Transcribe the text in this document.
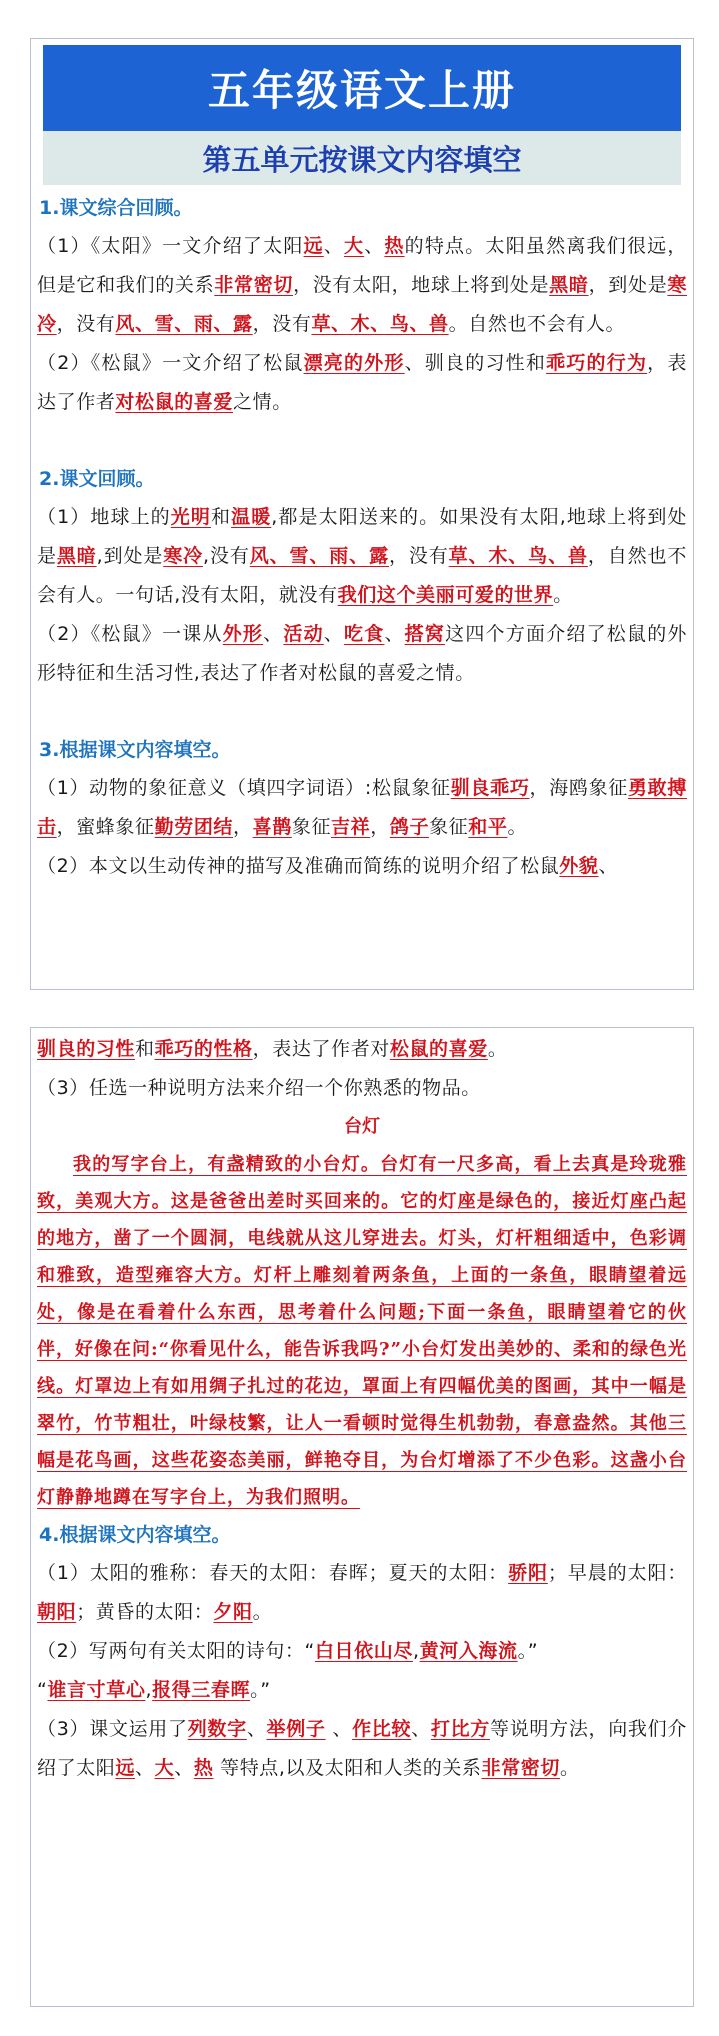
五年级语文上册
第五单元按课文内容填空
1.课文综合回顾。

（1）《太阳》一文介绍了太阳远、大、热的特点。太阳虽然离我们很远，但是它和我们的关系非常密切，没有太阳，地球上将到处是黑暗，到处是寒冷，没有风、雪、雨、露，没有草、木、鸟、兽。自然也不会有人。

（2）《松鼠》一文介绍了松鼠漂亮的外形、驯良的习性和乖巧的行为，表达了作者对松鼠的喜爱之情。

2.课文回顾。

（1）地球上的光明和温暖,都是太阳送来的。如果没有太阳,地球上将到处是黑暗,到处是寒冷,没有风、雪、雨、露，没有草、木、鸟、兽，自然也不会有人。一句话,没有太阳，就没有我们这个美丽可爱的世界。

（2）《松鼠》一课从外形、活动、吃食、搭窝这四个方面介绍了松鼠的外形特征和生活习性,表达了作者对松鼠的喜爱之情。

3.根据课文内容填空。

（1）动物的象征意义（填四字词语）:松鼠象征驯良乖巧，海鸥象征勇敢搏击，蜜蜂象征勤劳团结，喜鹊象征吉祥，鸽子象征和平。

（2）本文以生动传神的描写及准确而简练的说明介绍了松鼠外貌、

驯良的习性和乖巧的性格，表达了作者对松鼠的喜爱。

（3）任选一种说明方法来介绍一个你熟悉的物品。

台灯

我的写字台上，有盏精致的小台灯。台灯有一尺多高，看上去真是玲珑雅致，美观大方。这是爸爸出差时买回来的。它的灯座是绿色的，接近灯座凸起的地方，凿了一个圆洞，电线就从这儿穿进去。灯头，灯杆粗细适中，色彩调和雅致，造型雍容大方。灯杆上雕刻着两条鱼，上面的一条鱼，眼睛望着远处，像是在看着什么东西，思考着什么问题;下面一条鱼，眼睛望着它的伙伴，好像在问:“你看见什么，能告诉我吗?”小台灯发出美妙的、柔和的绿色光线。灯罩边上有如用绸子扎过的花边，罩面上有四幅优美的图画，其中一幅是翠竹，竹节粗壮，叶绿枝繁，让人一看顿时觉得生机勃勃，春意盎然。其他三幅是花鸟画，这些花姿态美丽，鲜艳夺目，为台灯增添了不少色彩。这盏小台灯静静地蹲在写字台上，为我们照明。

4.根据课文内容填空。

（1）太阳的雅称：春天的太阳：春晖；夏天的太阳：骄阳；早晨的太阳：朝阳；黄昏的太阳：夕阳。

（2）写两句有关太阳的诗句：“白日依山尽,黄河入海流。”
“谁言寸草心,报得三春晖。”

（3）课文运用了列数字、举例子 、作比较、打比方等说明方法，向我们介绍了太阳远、大、热 等特点,以及太阳和人类的关系非常密切。
